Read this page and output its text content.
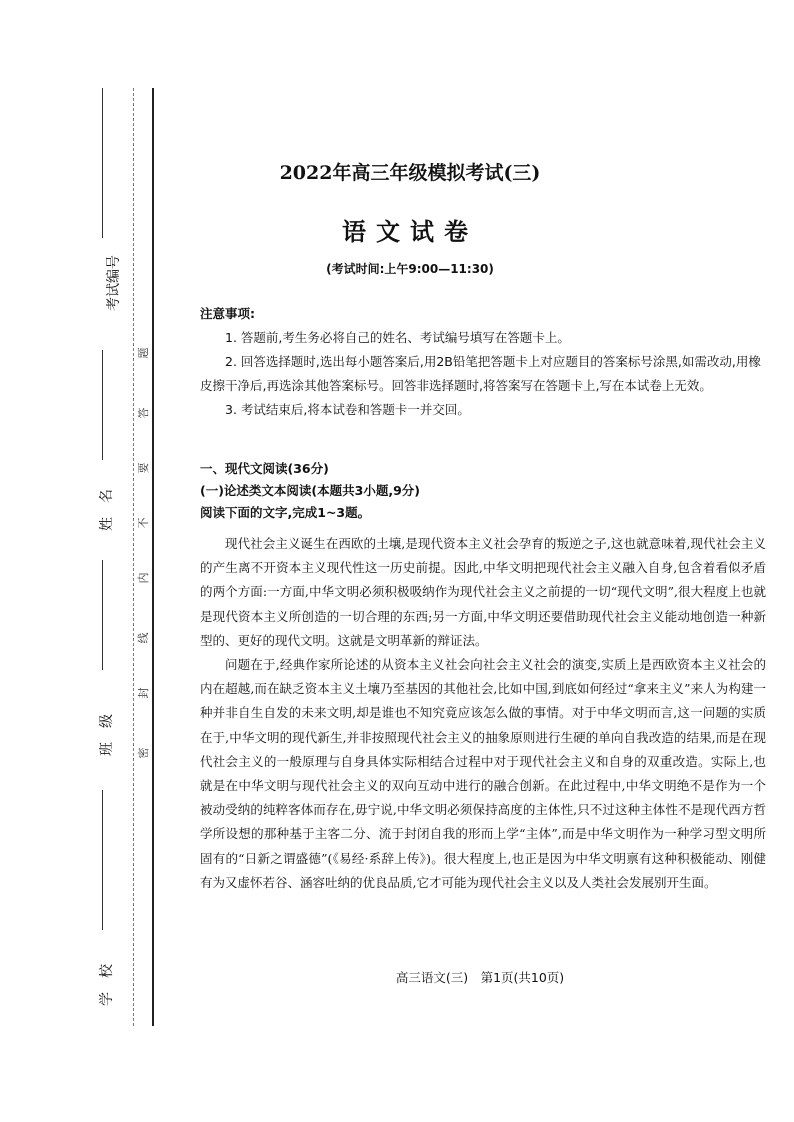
考试编号
姓　名
班　级
学　校
题
答
要
不
内
线
封
密
2022年高三年级模拟考试(三)
语文试卷
(考试时间:上午9:00—11:30)
注意事项:

1. 答题前,考生务必将自己的姓名、考试编号填写在答题卡上。

2. 回答选择题时,选出每小题答案后,用2B铅笔把答题卡上对应题目的答案标号涂黑,如需改动,用橡皮擦干净后,再选涂其他答案标号。回答非选择题时,将答案写在答题卡上,写在本试卷上无效。

3. 考试结束后,将本试卷和答题卡一并交回。

一、现代文阅读(36分)

(一)论述类文本阅读(本题共3小题,9分)

阅读下面的文字,完成1~3题。

现代社会主义诞生在西欧的土壤,是现代资本主义社会孕育的叛逆之子,这也就意味着,现代社会主义的产生离不开资本主义现代性这一历史前提。因此,中华文明把现代社会主义融入自身,包含着看似矛盾的两个方面:一方面,中华文明必须积极吸纳作为现代社会主义之前提的一切“现代文明”,很大程度上也就是现代资本主义所创造的一切合理的东西;另一方面,中华文明还要借助现代社会主义能动地创造一种新型的、更好的现代文明。这就是文明革新的辩证法。

问题在于,经典作家所论述的从资本主义社会向社会主义社会的演变,实质上是西欧资本主义社会的内在超越,而在缺乏资本主义土壤乃至基因的其他社会,比如中国,到底如何经过“拿来主义”来人为构建一种并非自生自发的未来文明,却是谁也不知究竟应该怎么做的事情。对于中华文明而言,这一问题的实质在于,中华文明的现代新生,并非按照现代社会主义的抽象原则进行生硬的单向自我改造的结果,而是在现代社会主义的一般原理与自身具体实际相结合过程中对于现代社会主义和自身的双重改造。实际上,也就是在中华文明与现代社会主义的双向互动中进行的融合创新。在此过程中,中华文明绝不是作为一个被动受纳的纯粹客体而存在,毋宁说,中华文明必须保持高度的主体性,只不过这种主体性不是现代西方哲学所设想的那种基于主客二分、流于封闭自我的形而上学“主体”,而是中华文明作为一种学习型文明所固有的“日新之谓盛德”(《易经·系辞上传》)。很大程度上,也正是因为中华文明禀有这种积极能动、刚健有为又虚怀若谷、涵容吐纳的优良品质,它才可能为现代社会主义以及人类社会发展别开生面。

高三语文(三)　第1页(共10页)
